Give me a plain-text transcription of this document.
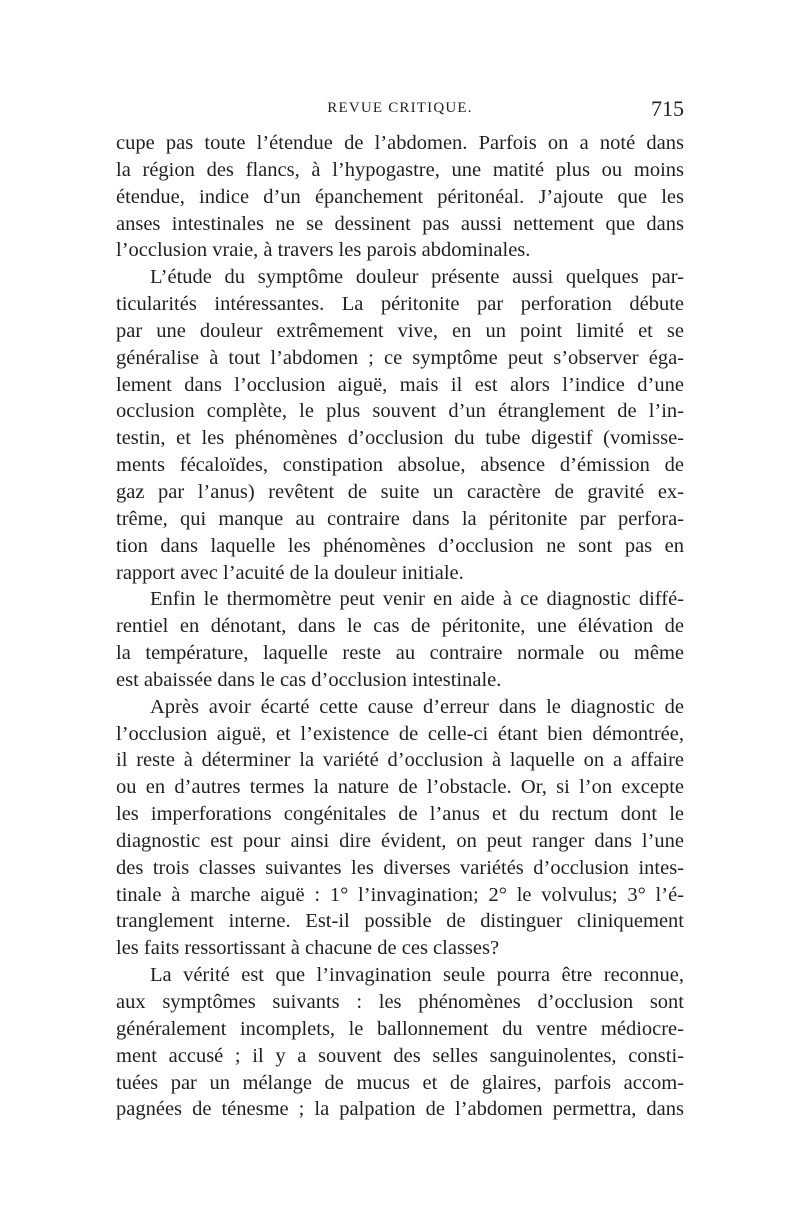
REVUE CRITIQUE.	715
cupe pas toute l’étendue de l’abdomen. Parfois on a noté dans
la région des flancs, à l’hypogastre, une matité plus ou moins
étendue, indice d’un épanchement péritonéal. J’ajoute que les
anses intestinales ne se dessinent pas aussi nettement que dans
l’occlusion vraie, à travers les parois abdominales.
L’étude du symptôme douleur présente aussi quelques par-
ticularités intéressantes. La péritonite par perforation débute
par une douleur extrêmement vive, en un point limité et se
généralise à tout l’abdomen ; ce symptôme peut s’observer éga-
lement dans l’occlusion aiguë, mais il est alors l’indice d’une
occlusion complète, le plus souvent d’un étranglement de l’in-
testin, et les phénomènes d’occlusion du tube digestif (vomisse-
ments fécaloïdes, constipation absolue, absence d’émission de
gaz par l’anus) revêtent de suite un caractère de gravité ex-
trême, qui manque au contraire dans la péritonite par perfora-
tion dans laquelle les phénomènes d’occlusion ne sont pas en
rapport avec l’acuité de la douleur initiale.
Enfin le thermomètre peut venir en aide à ce diagnostic diffé-
rentiel en dénotant, dans le cas de péritonite, une élévation de
la température, laquelle reste au contraire normale ou même
est abaissée dans le cas d’occlusion intestinale.
Après avoir écarté cette cause d’erreur dans le diagnostic de
l’occlusion aiguë, et l’existence de celle-ci étant bien démontrée,
il reste à déterminer la variété d’occlusion à laquelle on a affaire
ou en d’autres termes la nature de l’obstacle. Or, si l’on excepte
les imperforations congénitales de l’anus et du rectum dont le
diagnostic est pour ainsi dire évident, on peut ranger dans l’une
des trois classes suivantes les diverses variétés d’occlusion intes-
tinale à marche aiguë : 1° l’invagination; 2° le volvulus; 3° l’é-
tranglement interne. Est-il possible de distinguer cliniquement
les faits ressortissant à chacune de ces classes?
La vérité est que l’invagination seule pourra être reconnue,
aux symptômes suivants : les phénomènes d’occlusion sont
généralement incomplets, le ballonnement du ventre médiocre-
ment accusé ; il y a souvent des selles sanguinolentes, consti-
tuées par un mélange de mucus et de glaires, parfois accom-
pagnées de ténesme ; la palpation de l’abdomen permettra, dans
